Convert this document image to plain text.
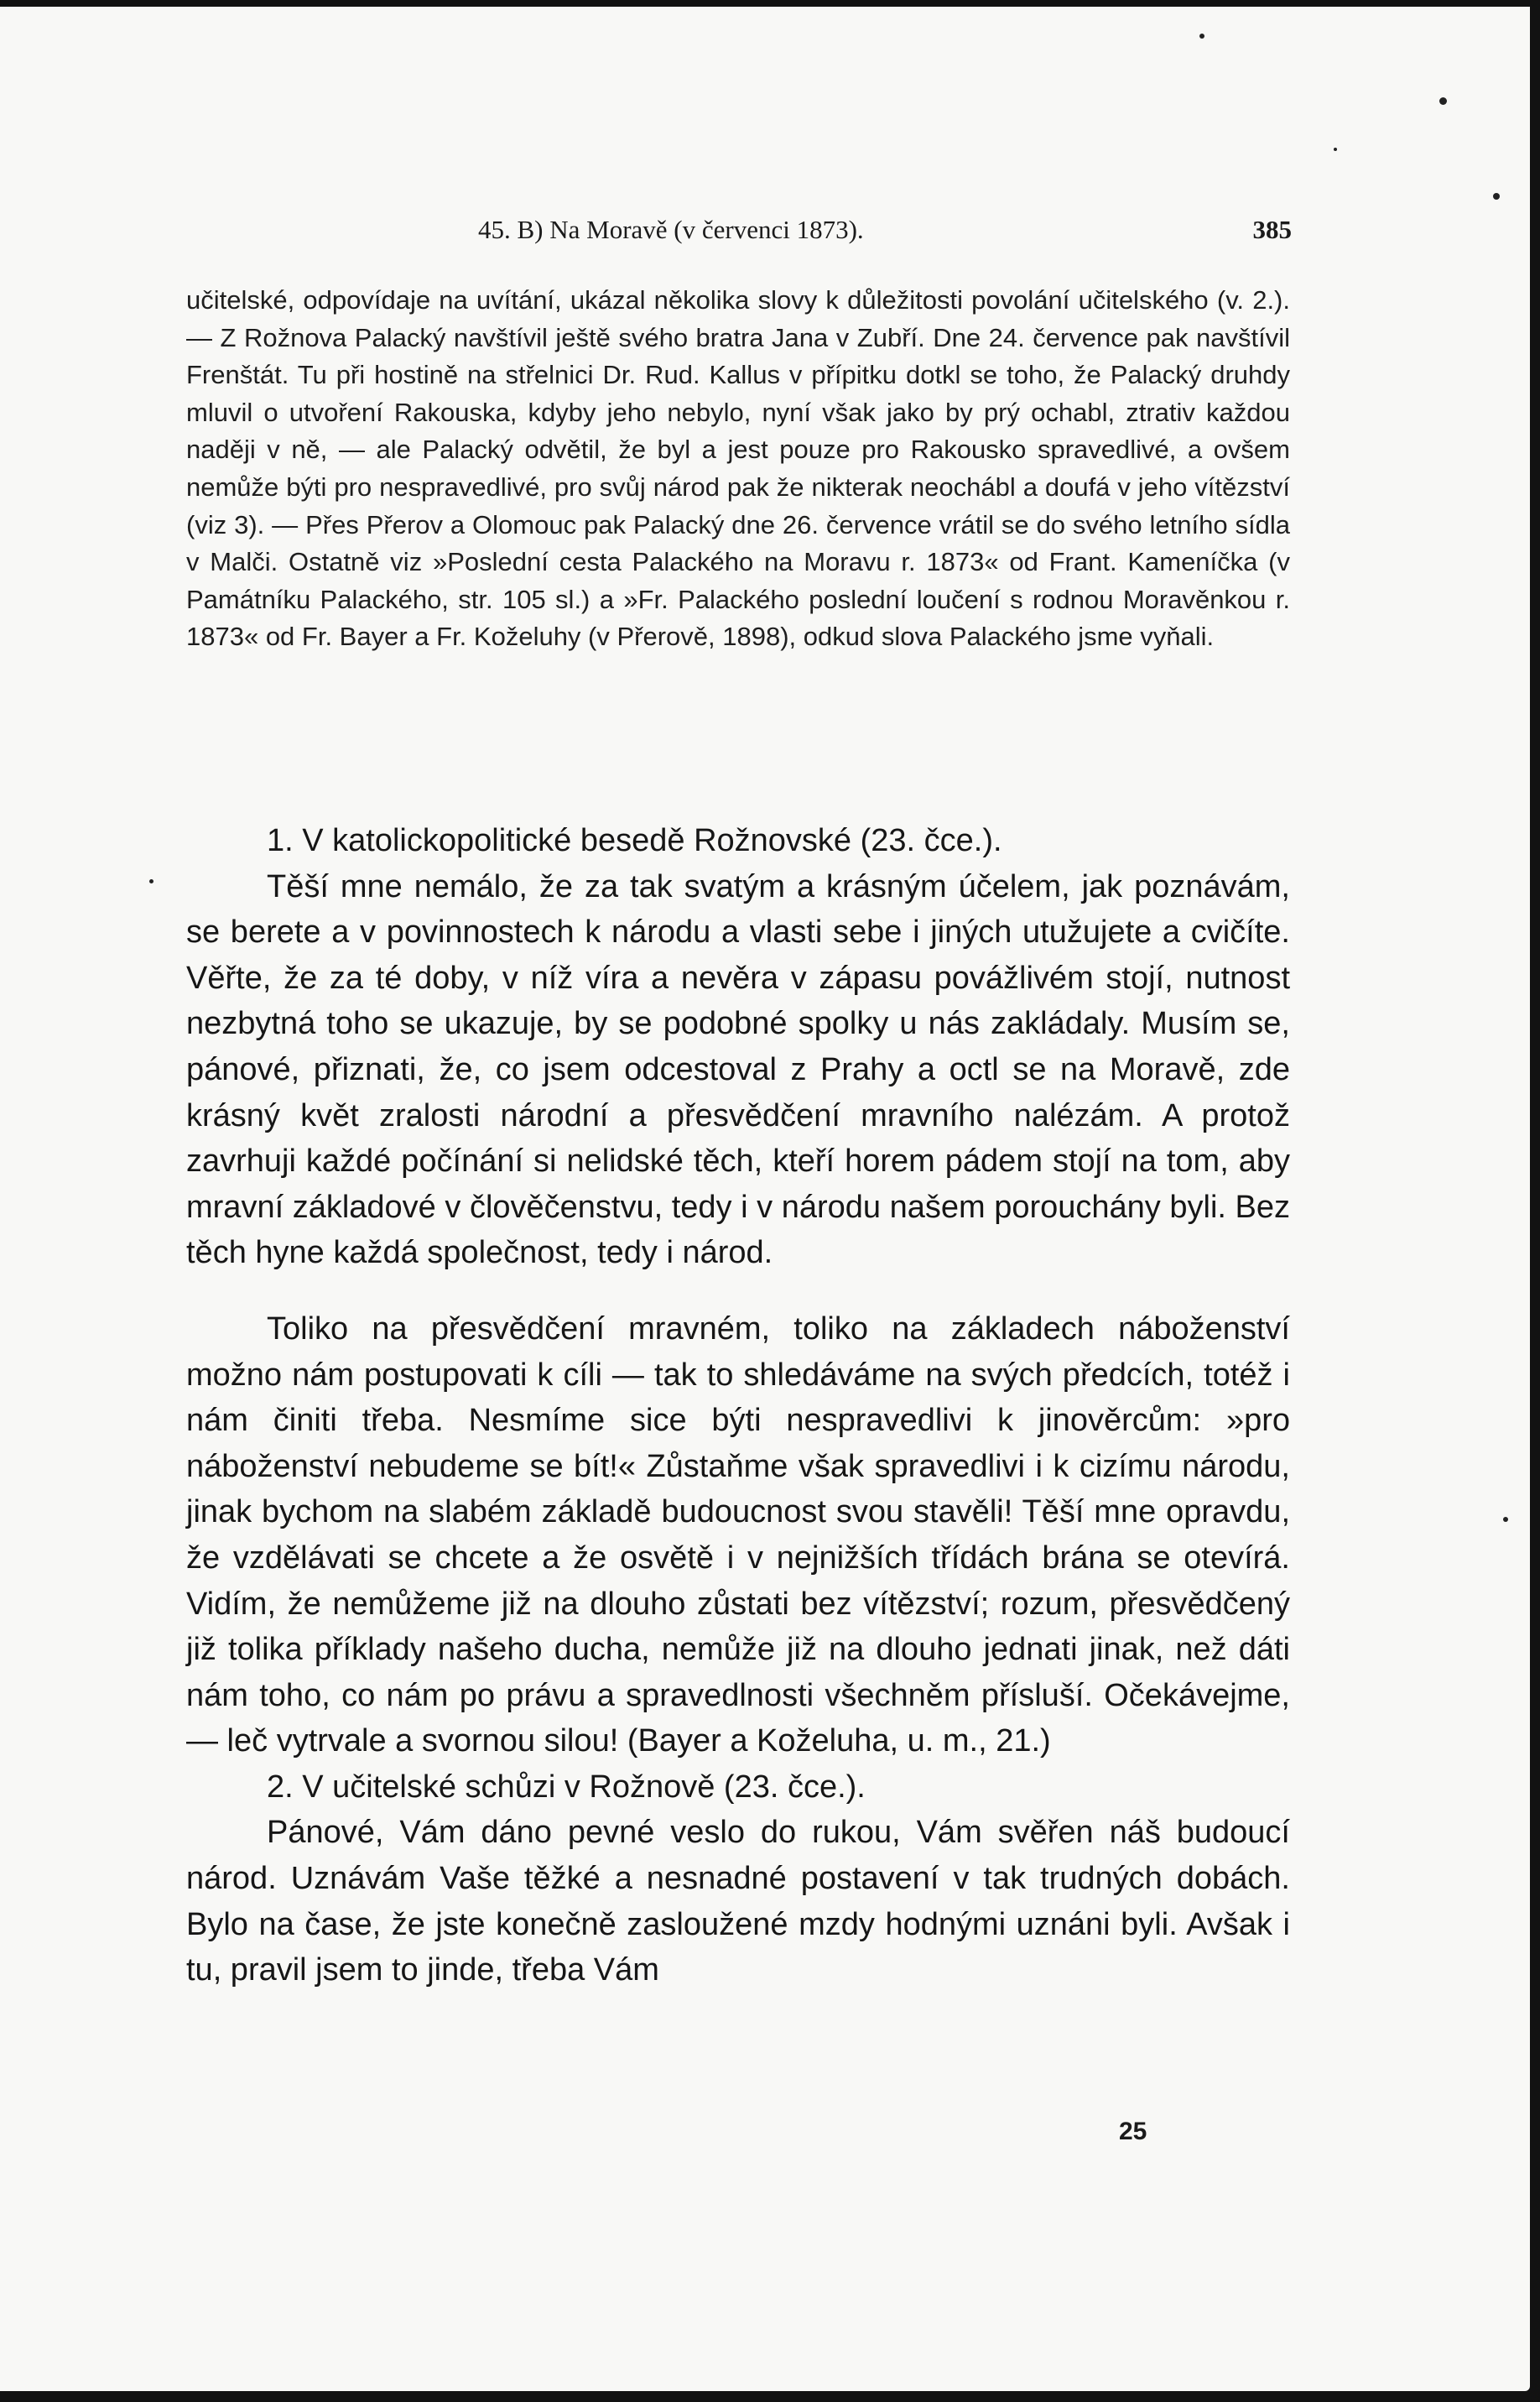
45. B) Na Moravě (v červenci 1873).	385

učitelské, odpovídaje na uvítání, ukázal několika slovy k důležitosti povolání učitelského (v. 2.). — Z Rožnova Palacký navštívil ještě svého bratra Jana v Zubří. Dne 24. července pak navštívil Frenštát. Tu při hostině na střelnici Dr. Rud. Kallus v přípitku dotkl se toho, že Palacký druhdy mluvil o utvoření Rakouska, kdyby jeho nebylo, nyní však jako by prý ochabl, ztrativ každou naději v ně, — ale Palacký odvětil, že byl a jest pouze pro Rakousko spravedlivé, a ovšem nemůže býti pro nespravedlivé, pro svůj národ pak že nikterak neochábl a doufá v jeho vítězství (viz 3). — Přes Přerov a Olomouc pak Palacký dne 26. července vrátil se do svého letního sídla v Malči. Ostatně viz »Poslední cesta Palackého na Moravu r. 1873« od Frant. Kameníčka (v Památníku Palackého, str. 105 sl.) a »Fr. Palackého poslední loučení s rodnou Moravěnkou r. 1873« od Fr. Bayer a Fr. Koželuhy (v Přerově, 1898), odkud slova Palackého jsme vyňali.

1. V katolickopolitické besedě Rožnovské (23. čce.).

Těší mne nemálo, že za tak svatým a krásným účelem, jak poznávám, se berete a v povinnostech k národu a vlasti sebe i jiných utužujete a cvičíte. Věřte, že za té doby, v níž víra a nevěra v zápasu povážlivém stojí, nutnost nezbytná toho se ukazuje, by se podobné spolky u nás zakládaly. Musím se, pánové, přiznati, že, co jsem odcestoval z Prahy a octl se na Moravě, zde krásný květ zralosti národní a přesvědčení mravního nalézám. A protož zavrhuji každé počínání si nelidské těch, kteří horem pádem stojí na tom, aby mravní základové v člověčenstvu, tedy i v národu našem porouchány byli. Bez těch hyne každá společnost, tedy i národ.

Toliko na přesvědčení mravném, toliko na základech náboženství možno nám postupovati k cíli — tak to shledáváme na svých předcích, totéž i nám činiti třeba. Nesmíme sice býti nespravedlivi k jinověrcům: »pro náboženství nebudeme se bít!« Zůstaňme však spravedlivi i k cizímu národu, jinak bychom na slabém základě budoucnost svou stavěli! Těší mne opravdu, že vzdělávati se chcete a že osvětě i v nejnižších třídách brána se otevírá. Vidím, že nemůžeme již na dlouho zůstati bez vítězství; rozum, přesvědčený již tolika příklady našeho ducha, nemůže již na dlouho jednati jinak, než dáti nám toho, co nám po právu a spravedlnosti všechněm přísluší. Očekávejme, — leč vytrvale a svornou silou! (Bayer a Koželuha, u. m., 21.)

2. V učitelské schůzi v Rožnově (23. čce.).

Pánové, Vám dáno pevné veslo do rukou, Vám svěřen náš budoucí národ. Uznávám Vaše těžké a nesnadné postavení v tak trudných dobách. Bylo na čase, že jste konečně zasloužené mzdy hodnými uznáni byli. Avšak i tu, pravil jsem to jinde, třeba Vám

25
